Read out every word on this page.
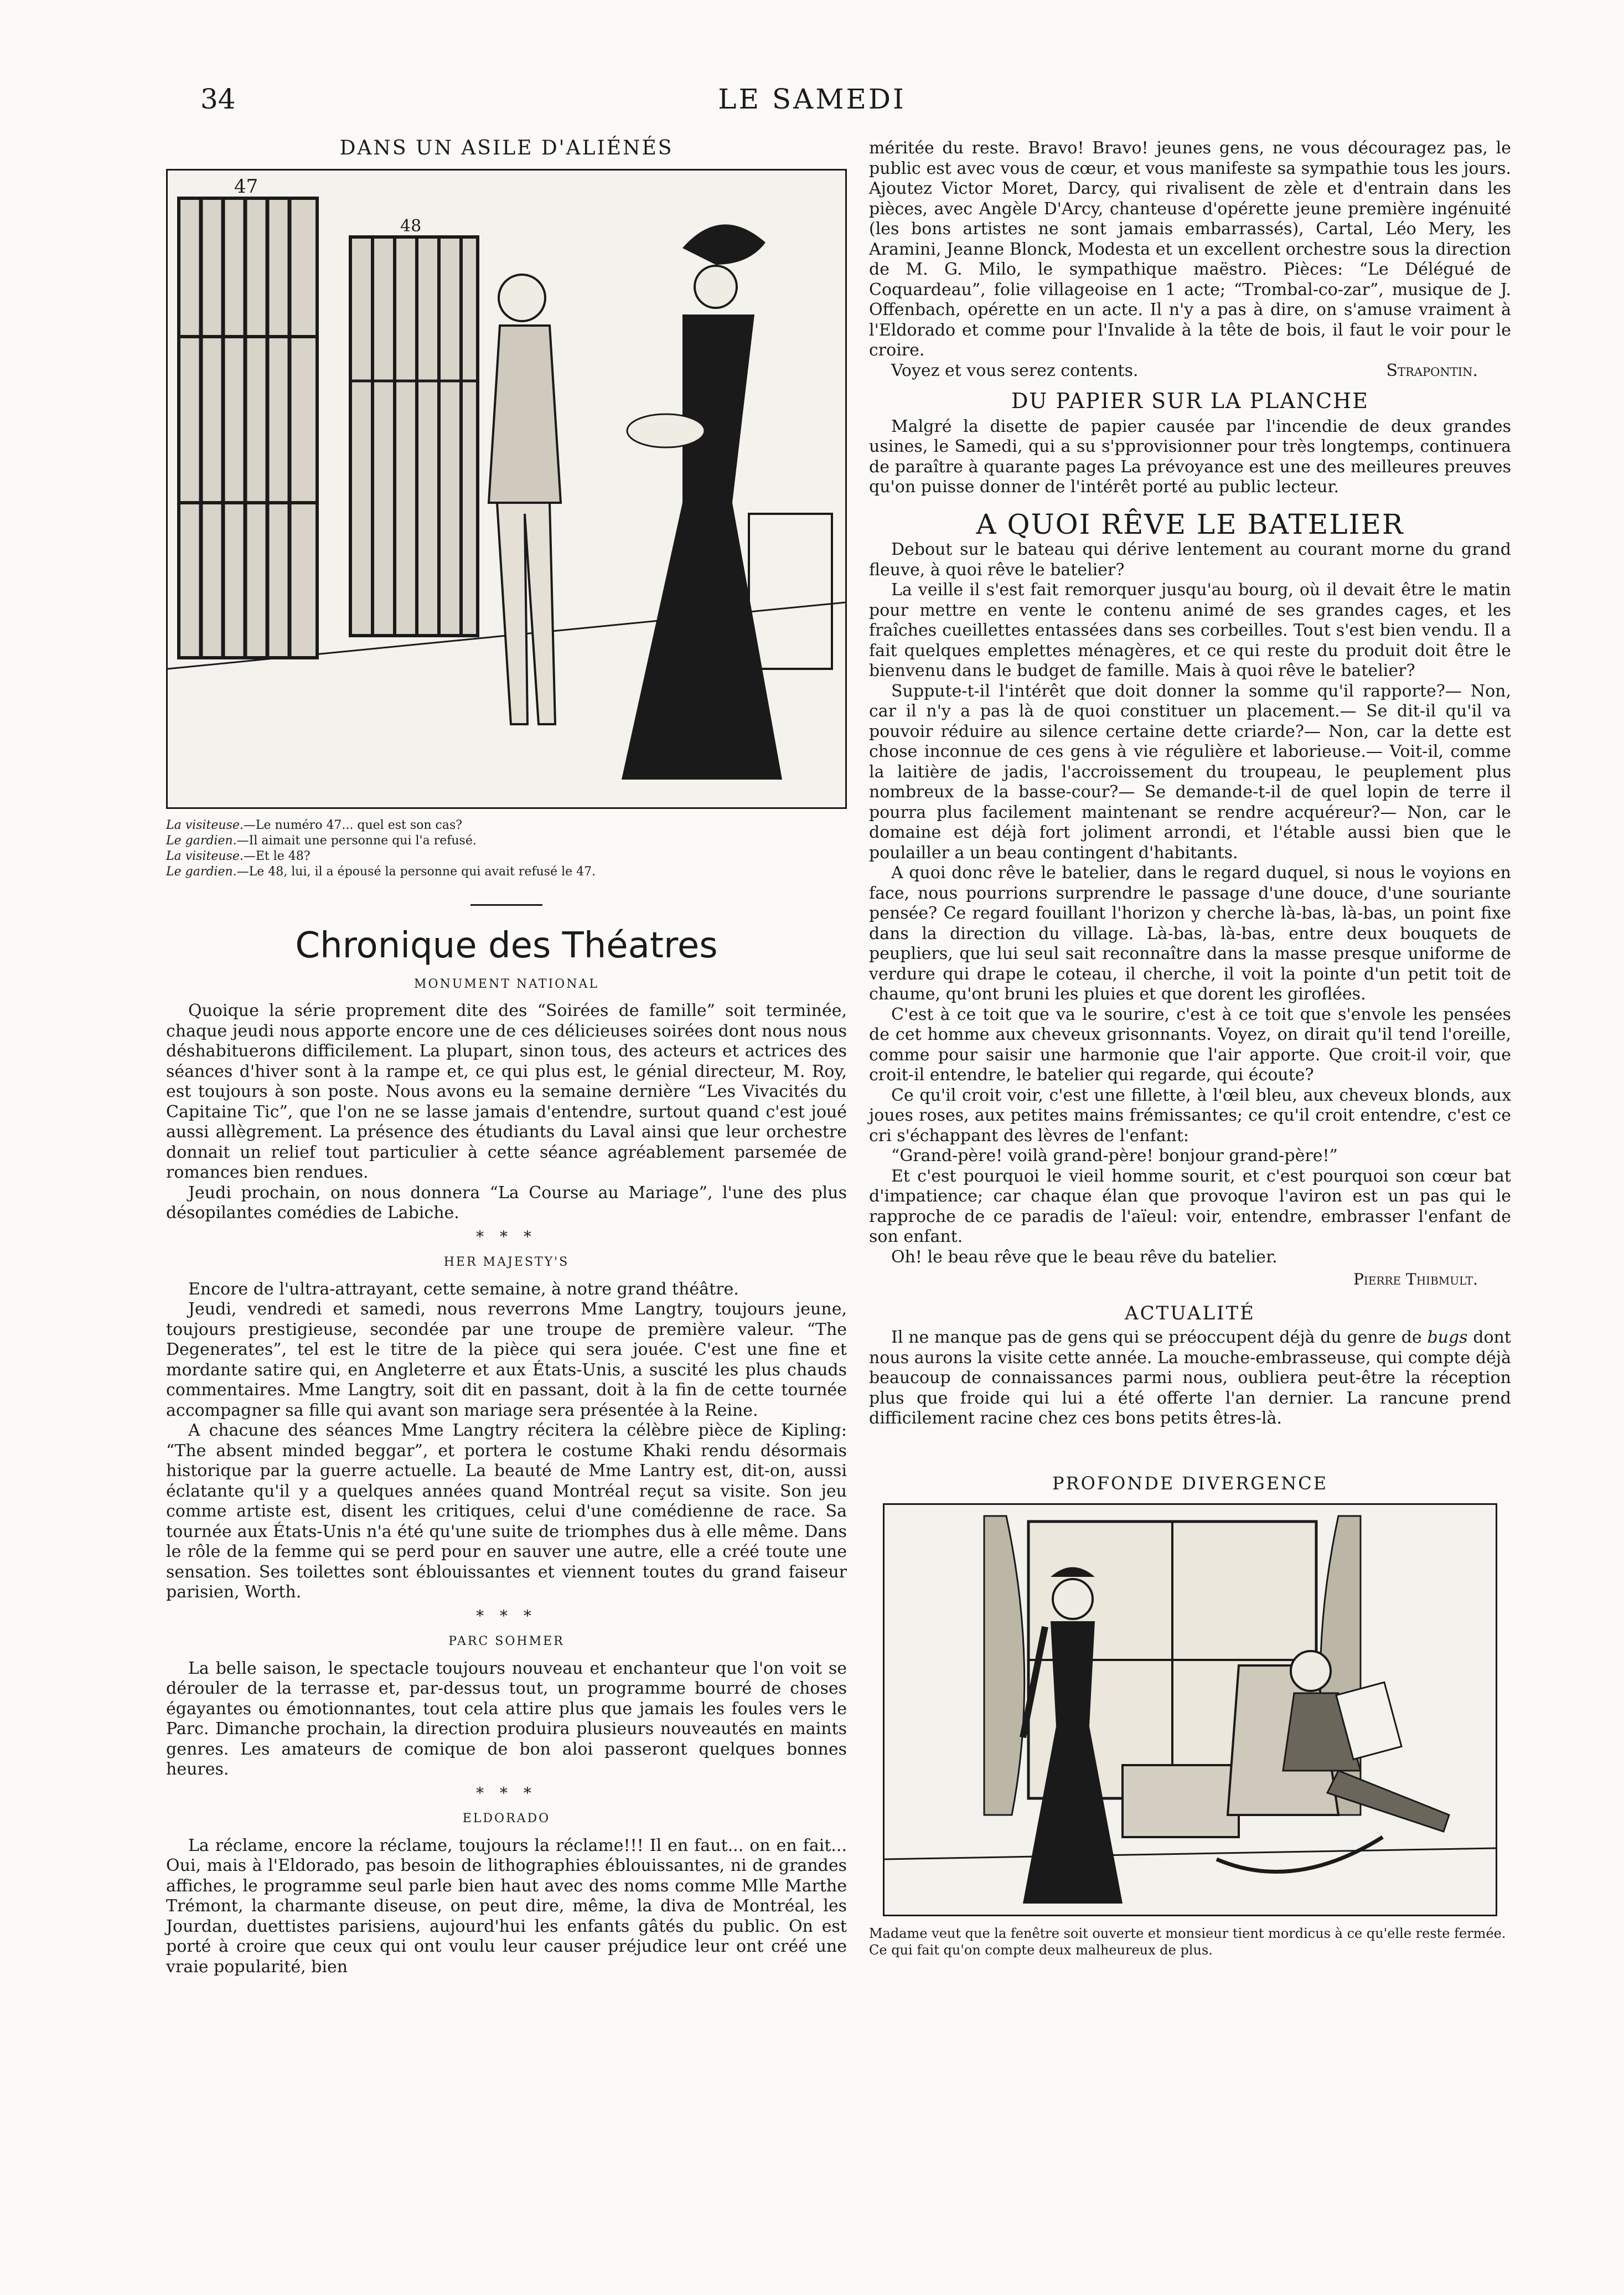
34	LE SAMEDI
DANS UN ASILE D'ALIÉNÉS
47
48
La visiteuse.—Le numéro 47... quel est son cas?
Le gardien.—Il aimait une personne qui l'a refusé.
La visiteuse.—Et le 48?
Le gardien.—Le 48, lui, il a épousé la personne qui avait refusé le 47.
Chronique des Théatres
MONUMENT NATIONAL

Quoique la série proprement dite des “Soirées de famille” soit terminée, chaque jeudi nous apporte encore une de ces délicieuses soirées dont nous nous déshabituerons difficilement. La plupart, sinon tous, des acteurs et actrices des séances d'hiver sont à la rampe et, ce qui plus est, le génial directeur, M. Roy, est toujours à son poste. Nous avons eu la semaine dernière “Les Vivacités du Capitaine Tic”, que l'on ne se lasse jamais d'entendre, surtout quand c'est joué aussi allègrement. La présence des étudiants du Laval ainsi que leur orchestre donnait un relief tout particulier à cette séance agréablement parsemée de romances bien rendues.

Jeudi prochain, on nous donnera “La Course au Mariage”, l'une des plus désopilantes comédies de Labiche.

* * *
HER MAJESTY'S

Encore de l'ultra-attrayant, cette semaine, à notre grand théâtre.

Jeudi, vendredi et samedi, nous reverrons Mme Langtry, toujours jeune, toujours prestigieuse, secondée par une troupe de première valeur. “The Degenerates”, tel est le titre de la pièce qui sera jouée. C'est une fine et mordante satire qui, en Angleterre et aux États-Unis, a suscité les plus chauds commentaires. Mme Langtry, soit dit en passant, doit à la fin de cette tournée accompagner sa fille qui avant son mariage sera présentée à la Reine.

A chacune des séances Mme Langtry récitera la célèbre pièce de Kipling: “The absent minded beggar”, et portera le costume Khaki rendu désormais historique par la guerre actuelle. La beauté de Mme Lantry est, dit-on, aussi éclatante qu'il y a quelques années quand Montréal reçut sa visite. Son jeu comme artiste est, disent les critiques, celui d'une comédienne de race. Sa tournée aux États-Unis n'a été qu'une suite de triomphes dus à elle même. Dans le rôle de la femme qui se perd pour en sauver une autre, elle a créé toute une sensation. Ses toilettes sont éblouissantes et viennent toutes du grand faiseur parisien, Worth.

* * *
PARC SOHMER

La belle saison, le spectacle toujours nouveau et enchanteur que l'on voit se dérouler de la terrasse et, par-dessus tout, un programme bourré de choses égayantes ou émotionnantes, tout cela attire plus que jamais les foules vers le Parc. Dimanche prochain, la direction produira plusieurs nouveautés en maints genres. Les amateurs de comique de bon aloi passeront quelques bonnes heures.

* * *
ELDORADO

La réclame, encore la réclame, toujours la réclame!!! Il en faut... on en fait... Oui, mais à l'Eldorado, pas besoin de lithographies éblouissantes, ni de grandes affiches, le programme seul parle bien haut avec des noms comme Mlle Marthe Trémont, la charmante diseuse, on peut dire, même, la diva de Montréal, les Jourdan, duettistes parisiens, aujourd'hui les enfants gâtés du public. On est porté à croire que ceux qui ont voulu leur causer préjudice leur ont créé une vraie popularité, bien

méritée du reste. Bravo! Bravo! jeunes gens, ne vous découragez pas, le public est avec vous de cœur, et vous manifeste sa sympathie tous les jours. Ajoutez Victor Moret, Darcy, qui rivalisent de zèle et d'entrain dans les pièces, avec Angèle D'Arcy, chanteuse d'opérette jeune première ingénuité (les bons artistes ne sont jamais embarrassés), Cartal, Léo Mery, les Aramini, Jeanne Blonck, Modesta et un excellent orchestre sous la direction de M. G. Milo, le sympathique maëstro. Pièces: “Le Délégué de Coquardeau”, folie villageoise en 1 acte; “Trombal-co-zar”, musique de J. Offenbach, opérette en un acte. Il n'y a pas à dire, on s'amuse vraiment à l'Eldorado et comme pour l'Invalide à la tête de bois, il faut le voir pour le croire.

Voyez et vous serez contents.	Strapontin.

DU PAPIER SUR LA PLANCHE

Malgré la disette de papier causée par l'incendie de deux grandes usines, le Samedi, qui a su s'pprovisionner pour très longtemps, continuera de paraître à quarante pages La prévoyance est une des meilleures preuves qu'on puisse donner de l'intérêt porté au public lecteur.

A QUOI RÊVE LE BATELIER

Debout sur le bateau qui dérive lentement au courant morne du grand fleuve, à quoi rêve le batelier?

La veille il s'est fait remorquer jusqu'au bourg, où il devait être le matin pour mettre en vente le contenu animé de ses grandes cages, et les fraîches cueillettes entassées dans ses corbeilles. Tout s'est bien vendu. Il a fait quelques emplettes ménagères, et ce qui reste du produit doit être le bienvenu dans le budget de famille. Mais à quoi rêve le batelier?

Suppute-t-il l'intérêt que doit donner la somme qu'il rapporte?— Non, car il n'y a pas là de quoi constituer un placement.— Se dit-il qu'il va pouvoir réduire au silence certaine dette criarde?— Non, car la dette est chose inconnue de ces gens à vie régulière et laborieuse.— Voit-il, comme la laitière de jadis, l'accroissement du troupeau, le peuplement plus nombreux de la basse-cour?— Se demande-t-il de quel lopin de terre il pourra plus facilement maintenant se rendre acquéreur?— Non, car le domaine est déjà fort joliment arrondi, et l'étable aussi bien que le poulailler a un beau contingent d'habitants.

A quoi donc rêve le batelier, dans le regard duquel, si nous le voyions en face, nous pourrions surprendre le passage d'une douce, d'une souriante pensée? Ce regard fouillant l'horizon y cherche là-bas, là-bas, un point fixe dans la direction du village. Là-bas, là-bas, entre deux bouquets de peupliers, que lui seul sait reconnaître dans la masse presque uniforme de verdure qui drape le coteau, il cherche, il voit la pointe d'un petit toit de chaume, qu'ont bruni les pluies et que dorent les giroflées.

C'est à ce toit que va le sourire, c'est à ce toit que s'envole les pensées de cet homme aux cheveux grisonnants. Voyez, on dirait qu'il tend l'oreille, comme pour saisir une harmonie que l'air apporte. Que croit-il voir, que croit-il entendre, le batelier qui regarde, qui écoute?

Ce qu'il croit voir, c'est une fillette, à l'œil bleu, aux cheveux blonds, aux joues roses, aux petites mains frémissantes; ce qu'il croit entendre, c'est ce cri s'échappant des lèvres de l'enfant:

“Grand-père! voilà grand-père! bonjour grand-père!”

Et c'est pourquoi le vieil homme sourit, et c'est pourquoi son cœur bat d'impatience; car chaque élan que provoque l'aviron est un pas qui le rapproche de ce paradis de l'aïeul: voir, entendre, embrasser l'enfant de son enfant.

Oh! le beau rêve que le beau rêve du batelier.

Pierre Thibmult.
ACTUALITÉ

Il ne manque pas de gens qui se préoccupent déjà du genre de bugs dont nous aurons la visite cette année. La mouche-embrasseuse, qui compte déjà beaucoup de connaissances parmi nous, oubliera peut-être la réception plus que froide qui lui a été offerte l'an dernier. La rancune prend difficilement racine chez ces bons petits êtres-là.

PROFONDE DIVERGENCE
Madame veut que la fenêtre soit ouverte et monsieur tient mordicus à ce qu'elle reste fermée. Ce qui fait qu'on compte deux malheureux de plus.
